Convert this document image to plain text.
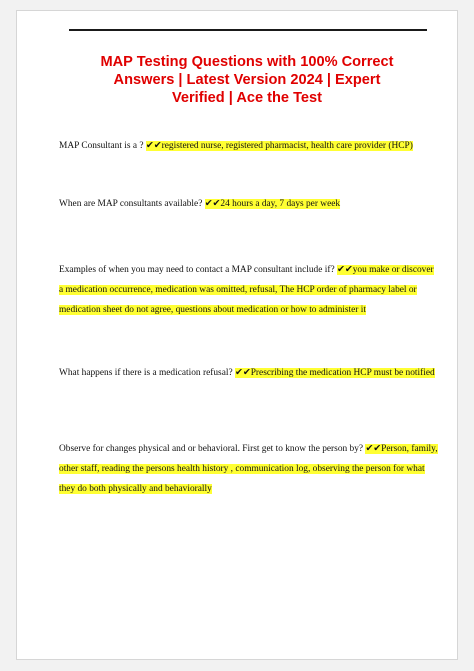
MAP Testing Questions with 100% Correct
Answers | Latest Version 2024 | Expert
Verified | Ace the Test
MAP Consultant is a ? ✔✔registered nurse, registered pharmacist, health care provider (HCP)
When are MAP consultants available? ✔✔24 hours a day, 7 days per week
Examples of when you may need to contact a MAP consultant include if? ✔✔you make or discover a medication occurrence, medication was omitted, refusal, The HCP order of pharmacy label or medication sheet do not agree, questions about medication or how to administer it
What happens if there is a medication refusal? ✔✔Prescribing the medication HCP must be notified
Observe for changes physical and or behavioral. First get to know the person by? ✔✔Person, family, other staff, reading the persons health history , communication log, observing the person for what they do both physically and behaviorally
